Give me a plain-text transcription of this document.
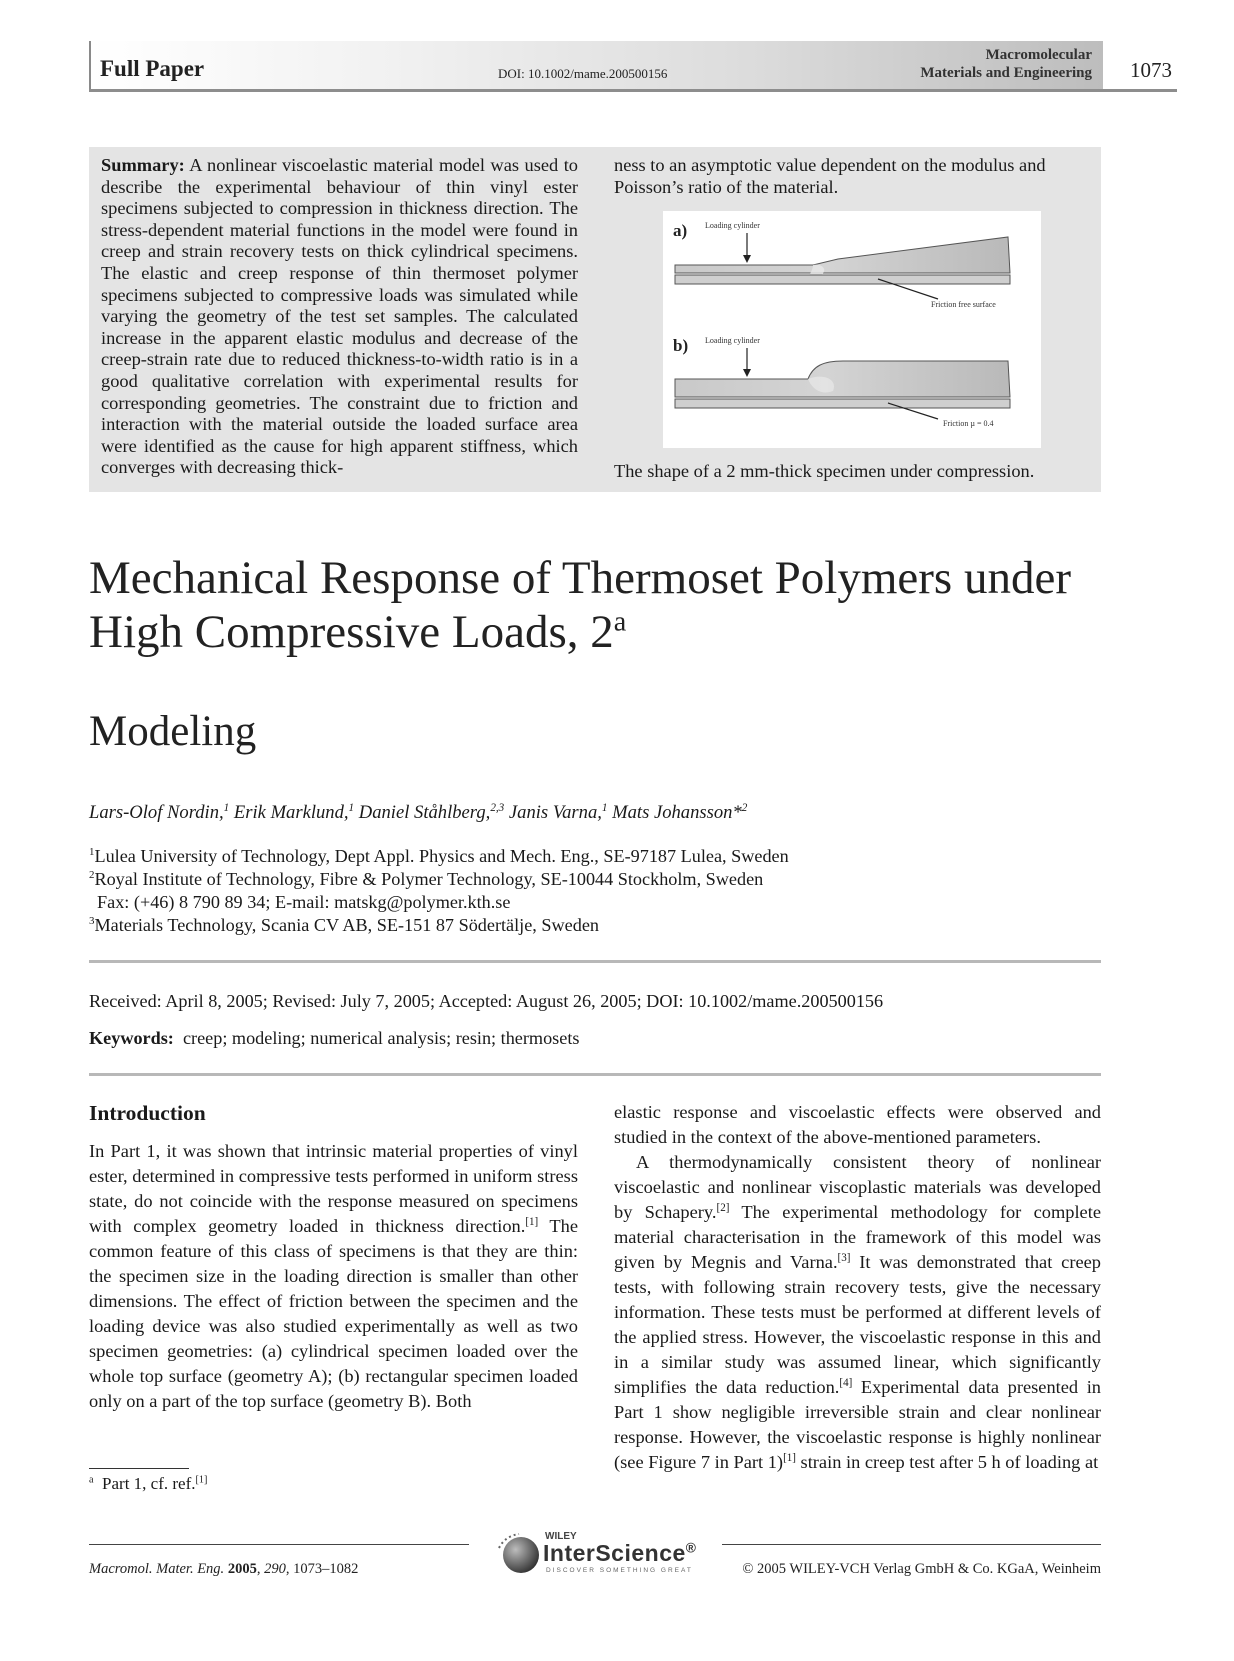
Full Paper	DOI: 10.1002/mame.200500156
Macromolecular
Materials and Engineering 1073
Summary: A nonlinear viscoelastic material model was used to describe the experimental behaviour of thin vinyl ester specimens subjected to compression in thickness direction. The stress-dependent material functions in the model were found in creep and strain recovery tests on thick cylindrical specimens. The elastic and creep response of thin thermoset polymer specimens subjected to compressive loads was simulated while varying the geometry of the test set samples. The calculated increase in the apparent elastic modulus and decrease of the creep-strain rate due to reduced thickness-to-width ratio is in a good qualitative correlation with experimental results for corresponding geometries. The constraint due to friction and interaction with the material outside the loaded surface area were identified as the cause for high apparent stiffness, which converges with decreasing thick-
ness to an asymptotic value dependent on the modulus and Poisson’s ratio of the material.
a) Loading cylinder
Friction free surface
b) Loading cylinder
Friction µ = 0.4
The shape of a 2 mm-thick specimen under compression.
Mechanical Response of Thermoset Polymers under High Compressive Loads, 2$^a$
Modeling
Lars-Olof Nordin,$^1$ Erik Marklund,$^1$ Daniel Ståhlberg,$^{2,3}$ Janis Varna,$^1$ Mats Johansson*$^2$
$^1$Lulea University of Technology, Dept Appl. Physics and Mech. Eng., SE-97187 Lulea, Sweden
$^2$Royal Institute of Technology, Fibre & Polymer Technology, SE-10044 Stockholm, Sweden
Fax: (+46) 8 790 89 34; E-mail: matskg@polymer.kth.se
$^3$Materials Technology, Scania CV AB, SE-151 87 Södertälje, Sweden
Received: April 8, 2005; Revised: July 7, 2005; Accepted: August 26, 2005; DOI: 10.1002/mame.200500156
Keywords: creep; modeling; numerical analysis; resin; thermosets
Introduction

In Part 1, it was shown that intrinsic material properties of vinyl ester, determined in compressive tests performed in uniform stress state, do not coincide with the response measured on specimens with complex geometry loaded in thickness direction.[1] The common feature of this class of specimens is that they are thin: the specimen size in the loading direction is smaller than other dimensions. The effect of friction between the specimen and the loading device was also studied experimentally as well as two specimen geometries: (a) cylindrical specimen loaded over the whole top surface (geometry A); (b) rectangular specimen loaded only on a part of the top surface (geometry B). Both

elastic response and viscoelastic effects were observed and studied in the context of the above-mentioned parameters.

A thermodynamically consistent theory of nonlinear viscoelastic and nonlinear viscoplastic materials was developed by Schapery.[2] The experimental methodology for complete material characterisation in the framework of this model was given by Megnis and Varna.[3] It was demonstrated that creep tests, with following strain recovery tests, give the necessary information. These tests must be performed at different levels of the applied stress. However, the viscoelastic response in this and in a similar study was assumed linear, which significantly simplifies the data reduction.[4] Experimental data presented in Part 1 show negligible irreversible strain and clear nonlinear response. However, the viscoelastic response is highly nonlinear (see Figure 7 in Part 1)[1] strain in creep test after 5 h of loading at

$^a$ Part 1, cf. ref.[1]
Macromol. Mater. Eng. 2005, 290, 1073–1082
WILEY
InterScience®
DISCOVER SOMETHING GREAT	© 2005 WILEY-VCH Verlag GmbH & Co. KGaA, Weinheim
